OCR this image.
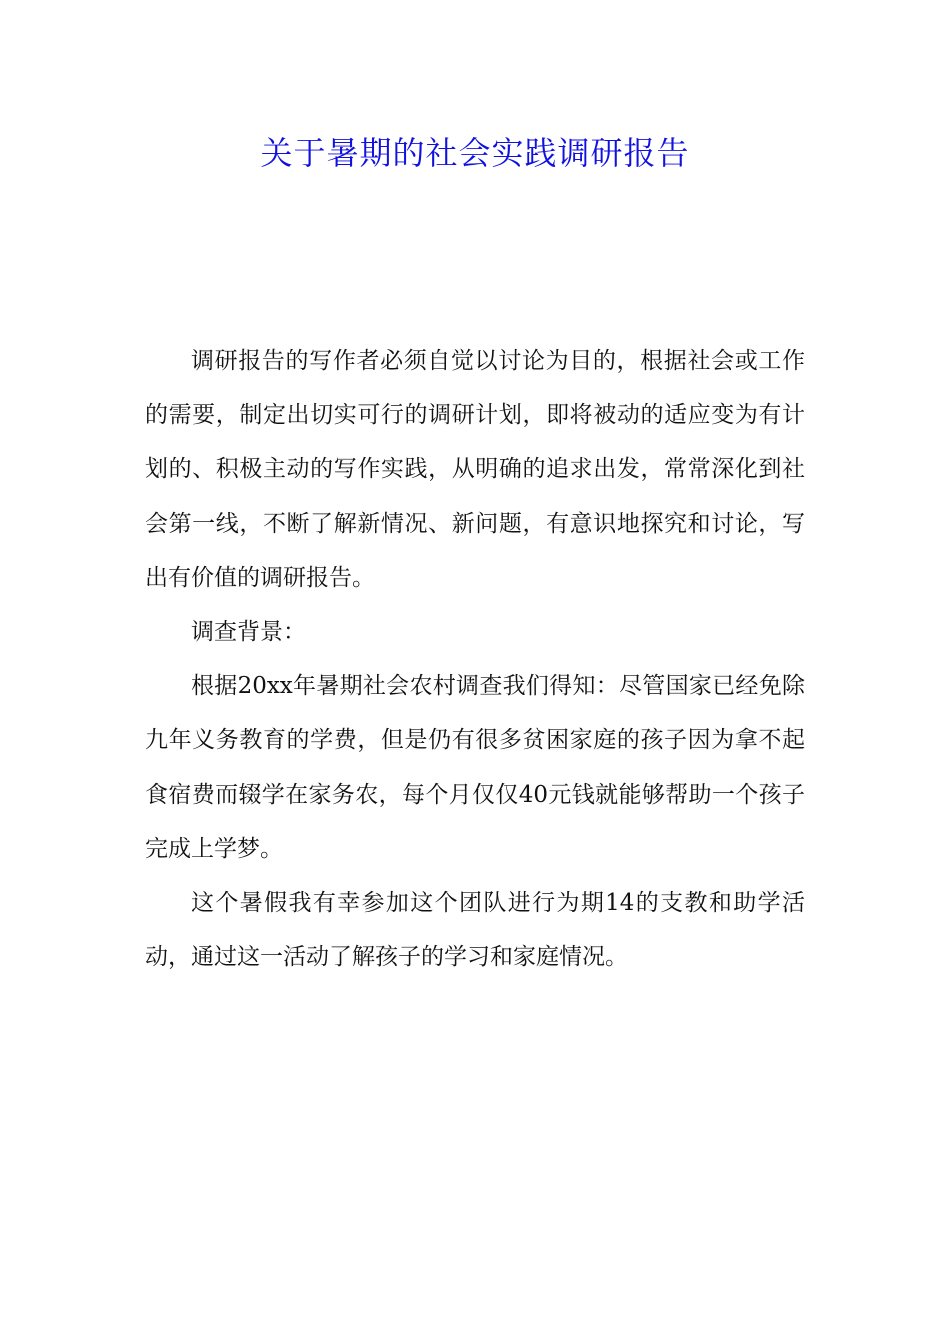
关于暑期的社会实践调研报告

调研报告的写作者必须自觉以讨论为目的，根据社会或工作的需要，制定出切实可行的调研计划，即将被动的适应变为有计划的、积极主动的写作实践，从明确的追求出发，常常深化到社会第一线，不断了解新情况、新问题，有意识地探究和讨论，写出有价值的调研报告。

调查背景：

根据20xx年暑期社会农村调查我们得知：尽管国家已经免除九年义务教育的学费，但是仍有很多贫困家庭的孩子因为拿不起食宿费而辍学在家务农，每个月仅仅40元钱就能够帮助一个孩子完成上学梦。

这个暑假我有幸参加这个团队进行为期14的支教和助学活动，通过这一活动了解孩子的学习和家庭情况。
